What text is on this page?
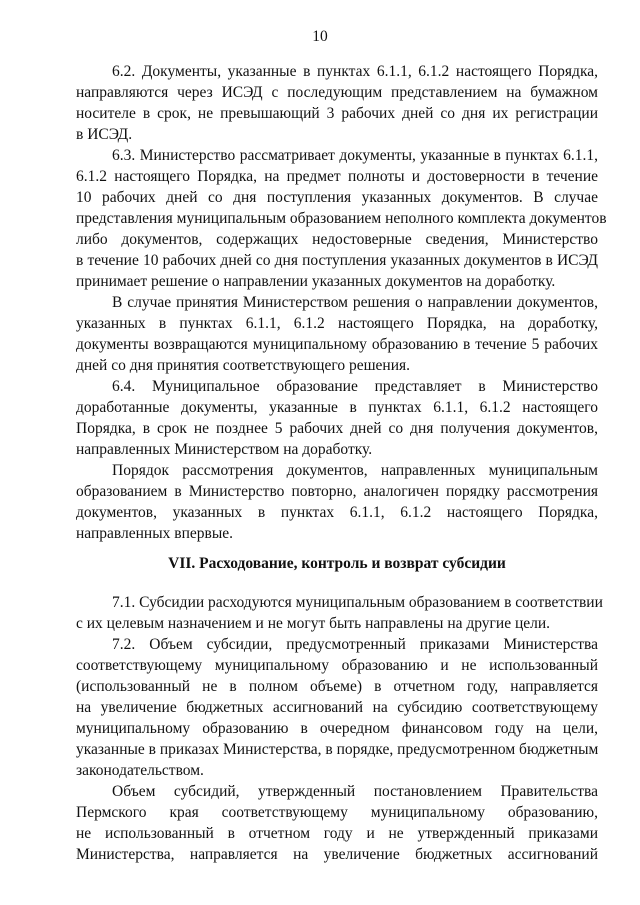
10
6.2. Документы, указанные в пунктах 6.1.1, 6.1.2 настоящего Порядка,
направляются через ИСЭД с последующим представлением на бумажном
носителе в срок, не превышающий 3 рабочих дней со дня их регистрации
в ИСЭД.
6.3. Министерство рассматривает документы, указанные в пунктах 6.1.1,
6.1.2 настоящего Порядка, на предмет полноты и достоверности в течение
10 рабочих дней со дня поступления указанных документов. В случае
представления муниципальным образованием неполного комплекта документов
либо документов, содержащих недостоверные сведения, Министерство
в течение 10 рабочих дней со дня поступления указанных документов в ИСЭД
принимает решение о направлении указанных документов на доработку.
В случае принятия Министерством решения о направлении документов,
указанных в пунктах 6.1.1, 6.1.2 настоящего Порядка, на доработку,
документы возвращаются муниципальному образованию в течение 5 рабочих
дней со дня принятия соответствующего решения.
6.4. Муниципальное образование представляет в Министерство
доработанные документы, указанные в пунктах 6.1.1, 6.1.2 настоящего
Порядка, в срок не позднее 5 рабочих дней со дня получения документов,
направленных Министерством на доработку.
Порядок рассмотрения документов, направленных муниципальным
образованием в Министерство повторно, аналогичен порядку рассмотрения
документов, указанных в пунктах 6.1.1, 6.1.2 настоящего Порядка,
направленных впервые.
VII. Расходование, контроль и возврат субсидии
7.1. Субсидии расходуются муниципальным образованием в соответствии
с их целевым назначением и не могут быть направлены на другие цели.
7.2. Объем субсидии, предусмотренный приказами Министерства
соответствующему муниципальному образованию и не использованный
(использованный не в полном объеме) в отчетном году, направляется
на увеличение бюджетных ассигнований на субсидию соответствующему
муниципальному образованию в очередном финансовом году на цели,
указанные в приказах Министерства, в порядке, предусмотренном бюджетным
законодательством.
Объем субсидий, утвержденный постановлением Правительства
Пермского края соответствующему муниципальному образованию,
не использованный в отчетном году и не утвержденный приказами
Министерства, направляется на увеличение бюджетных ассигнований
